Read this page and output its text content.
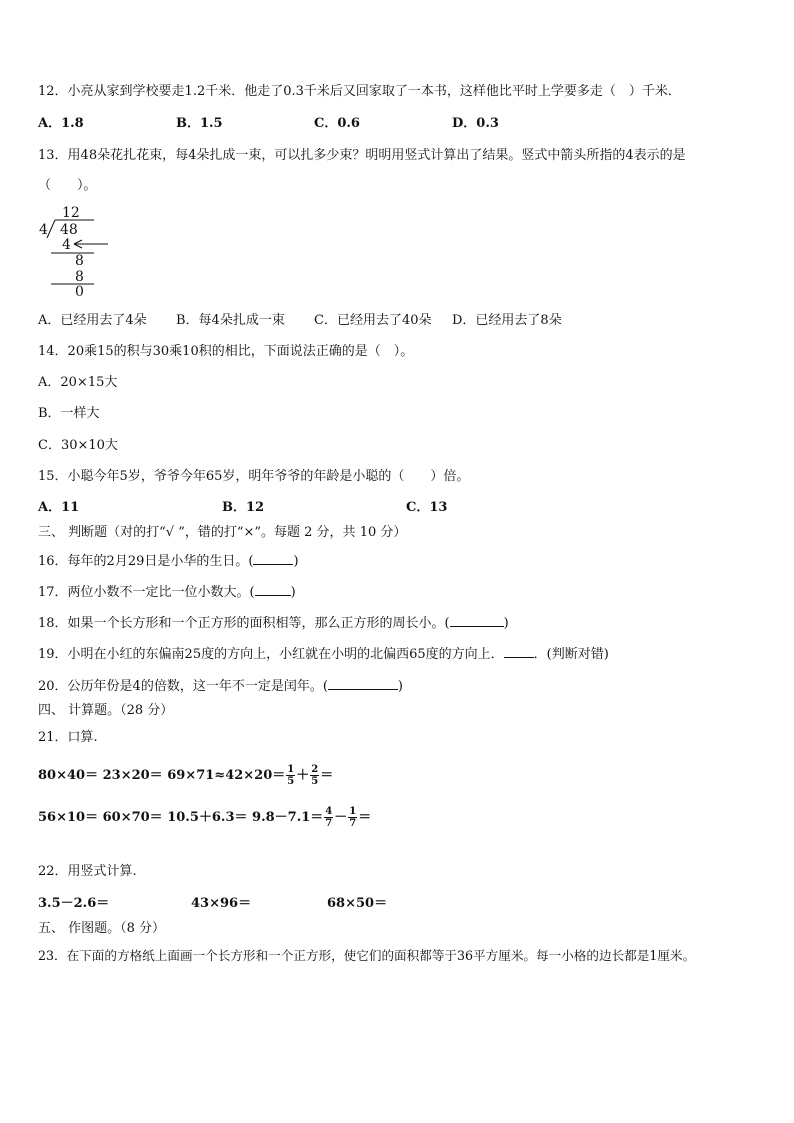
12．小亮从家到学校要走1.2千米．他走了0.3千米后又回家取了一本书，这样他比平时上学要多走（　）千米．
A．1.8	B．1.5	C．0.6	D．0.3
13．用48朵花扎花束，每4朵扎成一束，可以扎多少束？明明用竖式计算出了结果。竖式中箭头所指的4表示的是
（　　）。
12
4 48
4
8
8
0
A．已经用去了4朵 B．每4朵扎成一束 C．已经用去了40朵 D．已经用去了8朵
14．20乘15的积与30乘10积的相比，下面说法正确的是（　）。
A．20×15大
B．一样大
C．30×10大
15．小聪今年5岁，爷爷今年65岁，明年爷爷的年龄是小聪的（　　）倍。
A．11	B．12	C．13
三、 判断题（对的打“√ ”，错的打“×”。每题 2 分，共 10 分）
16．每年的2月29日是小华的生日。(	)
17．两位小数不一定比一位小数大。(	)
18．如果一个长方形和一个正方形的面积相等，那么正方形的周长小。(	)
19．小明在小红的东偏南25度的方向上，小红就在小明的北偏西65度的方向上． ．(判断对错)
20．公历年份是4的倍数，这一年不一定是闰年。(	)
四、 计算题。（28 分）
21．口算.
$80\times 40= 23\times 20= 69\times 71\approx 42\times 20= \frac{1}{5} + \frac{2}{5}$ ＝
$56\times 10= 60\times 70= 10.5+6.3= 9.8-7.1= \frac{4}{7} - \frac{1}{7}$ ＝
22．用竖式计算.
3.5－2.6＝	43×96＝	68×50＝
五、 作图题。（8 分）
23．在下面的方格纸上面画一个长方形和一个正方形，使它们的面积都等于36平方厘米。每一小格的边长都是1厘米。
